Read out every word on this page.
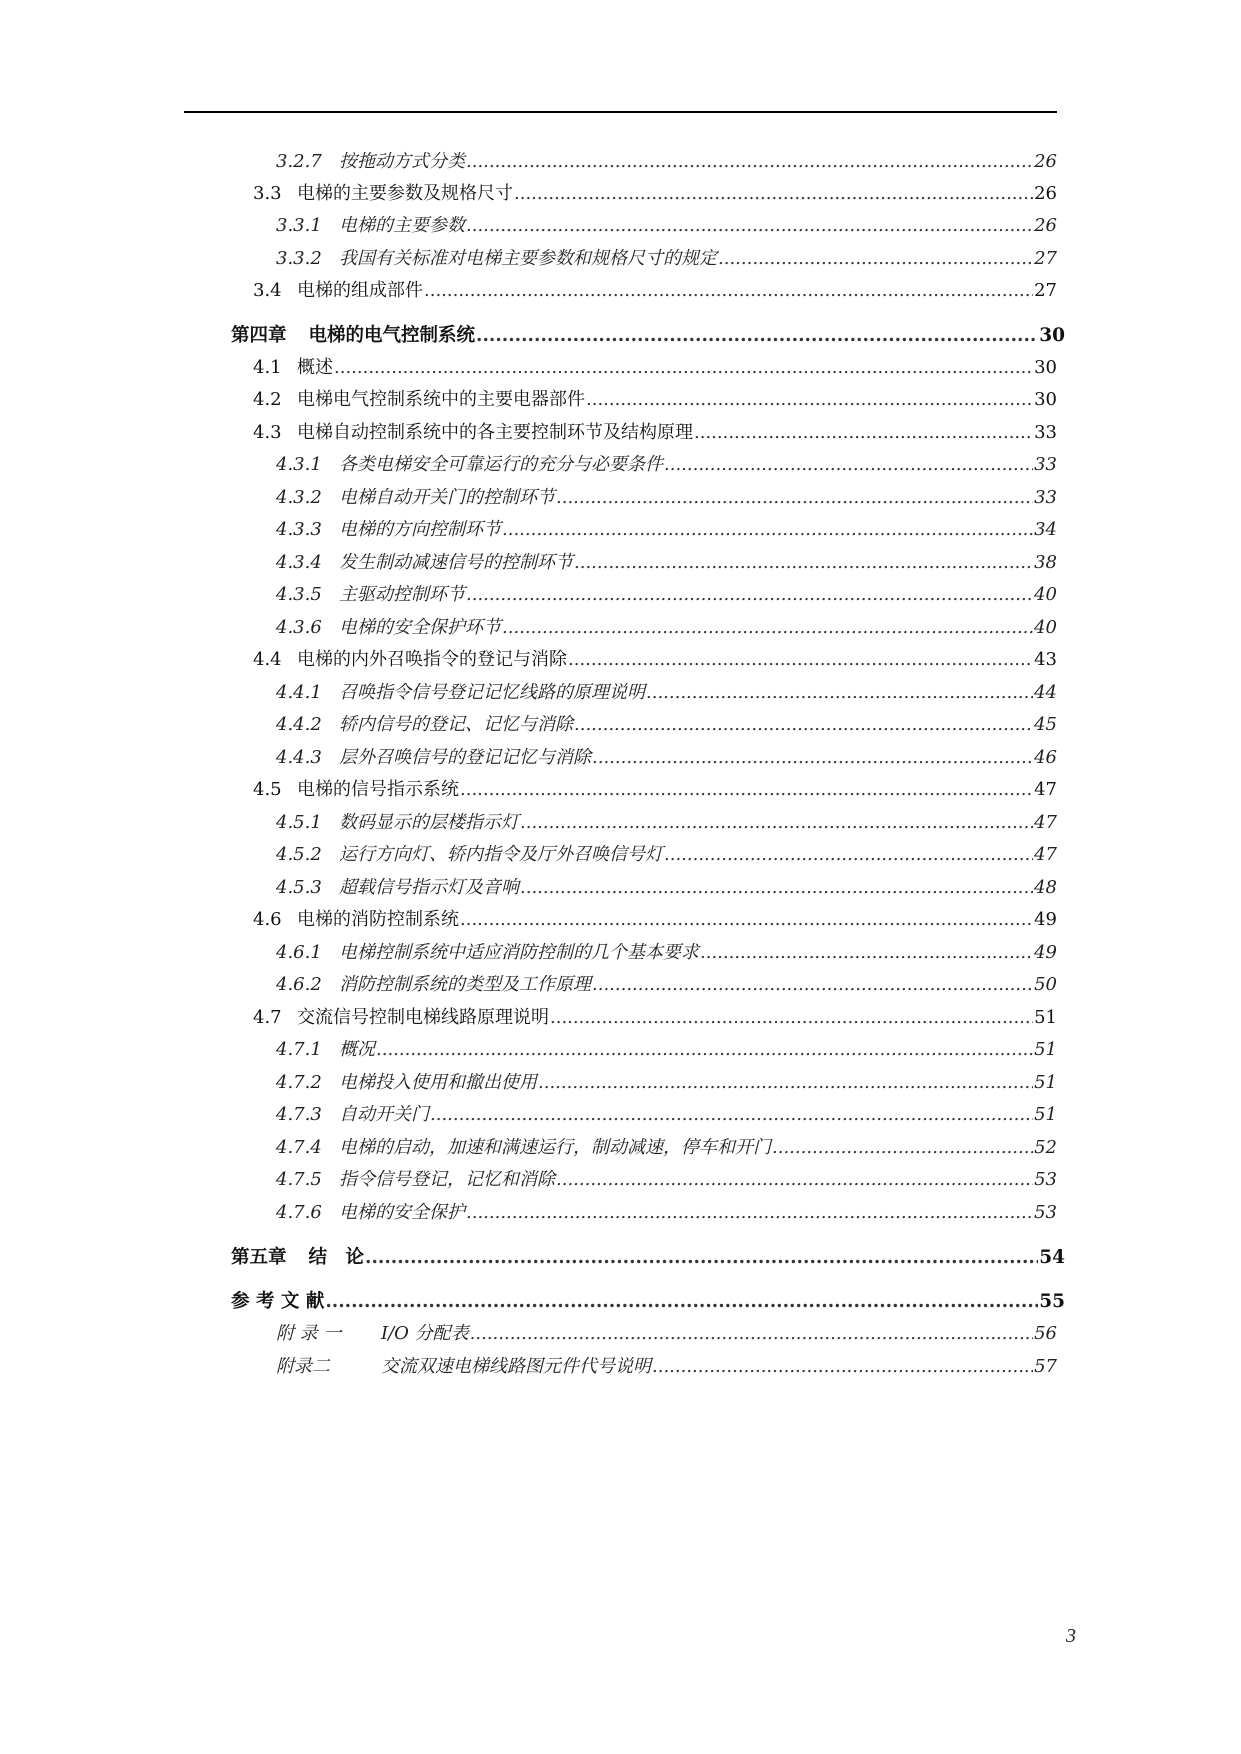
3.2.7 按拖动方式分类 .....	26
3.3 电梯的主要参数及规格尺寸 .....	26
3.3.1 电梯的主要参数 .....	26
3.3.2 我国有关标准对电梯主要参数和规格尺寸的规定 .....	27
3.4 电梯的组成部件 .....	27
第四章	电梯的电气控制系统 .....	30
4.1 概述 .....	30
4.2 电梯电气控制系统中的主要电器部件 .....	30
4.3 电梯自动控制系统中的各主要控制环节及结构原理 .....	33
4.3.1 各类电梯安全可靠运行的充分与必要条件 .....	33
4.3.2 电梯自动开关门的控制环节 .....	33
4.3.3 电梯的方向控制环节 .....	34
4.3.4 发生制动减速信号的控制环节 .....	38
4.3.5 主驱动控制环节 .....	40
4.3.6 电梯的安全保护环节 .....	40
4.4 电梯的内外召唤指令的登记与消除 .....	43
4.4.1 召唤指令信号登记记忆线路的原理说明 .....	44
4.4.2 轿内信号的登记、记忆与消除 .....	45
4.4.3 层外召唤信号的登记记忆与消除 .....	46
4.5 电梯的信号指示系统 .....	47
4.5.1 数码显示的层楼指示灯 .....	47
4.5.2 运行方向灯、轿内指令及厅外召唤信号灯 .....	47
4.5.3 超载信号指示灯及音响 .....	48
4.6 电梯的消防控制系统 .....	49
4.6.1 电梯控制系统中适应消防控制的几个基本要求 .....	49
4.6.2 消防控制系统的类型及工作原理 .....	50
4.7 交流信号控制电梯线路原理说明 .....	51
4.7.1 概况 .....	51
4.7.2 电梯投入使用和撤出使用 .....	51
4.7.3 自动开关门 .....	51
4.7.4 电梯的启动，加速和满速运行，制动减速，停车和开门 .....	52
4.7.5 指令信号登记，记忆和消除 .....	53
4.7.6 电梯的安全保护 .....	53
第五章	结　论 .....	54
参 考 文 献 .....	55
附 录 一	I/O 分配表 .....	56
附录二	交流双速电梯线路图元件代号说明 .....	57
3
